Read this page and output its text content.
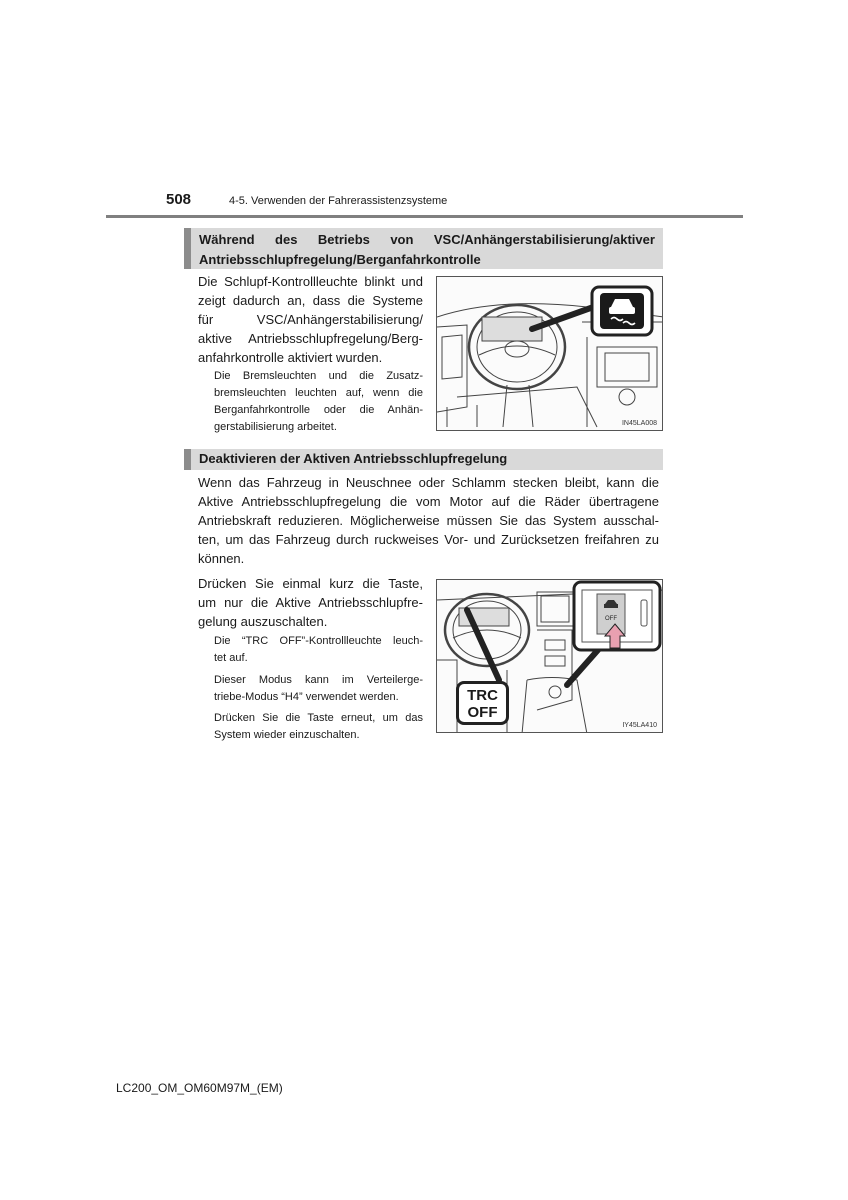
508	4-5. Verwenden der Fahrerassistenzsysteme
Während des Betriebs von VSC/Anhängerstabilisierung/aktiver
Antriebsschlupfregelung/Berganfahrkontrolle
Die Schlupf-Kontrollleuchte blinkt und
zeigt dadurch an, dass die Systeme
für VSC/Anhängerstabilisierung/
aktive Antriebsschlupfregelung/Berg-
anfahrkontrolle aktiviert wurden.
Die Bremsleuchten und die Zusatz-
bremsleuchten leuchten auf, wenn die
Berganfahrkontrolle oder die Anhän-
gerstabilisierung arbeitet.	IN45LA008
Deaktivieren der Aktiven Antriebsschlupfregelung
Wenn das Fahrzeug in Neuschnee oder Schlamm stecken bleibt, kann die
Aktive Antriebsschlupfregelung die vom Motor auf die Räder übertragene
Antriebskraft reduzieren. Möglicherweise müssen Sie das System ausschal-
ten, um das Fahrzeug durch ruckweises Vor- und Zurücksetzen freifahren zu
können.
Drücken Sie einmal kurz die Taste,
um nur die Aktive Antriebsschlupfre-
gelung auszuschalten.
Die “TRC OFF”-Kontrollleuchte leuch-
tet auf.
Dieser Modus kann im Verteilerge-
triebe-Modus “H4” verwendet werden.
Drücken Sie die Taste erneut, um das
System wieder einzuschalten.
OFF
TRC
OFF
IY45LA410
LC200_OM_OM60M97M_(EM)
